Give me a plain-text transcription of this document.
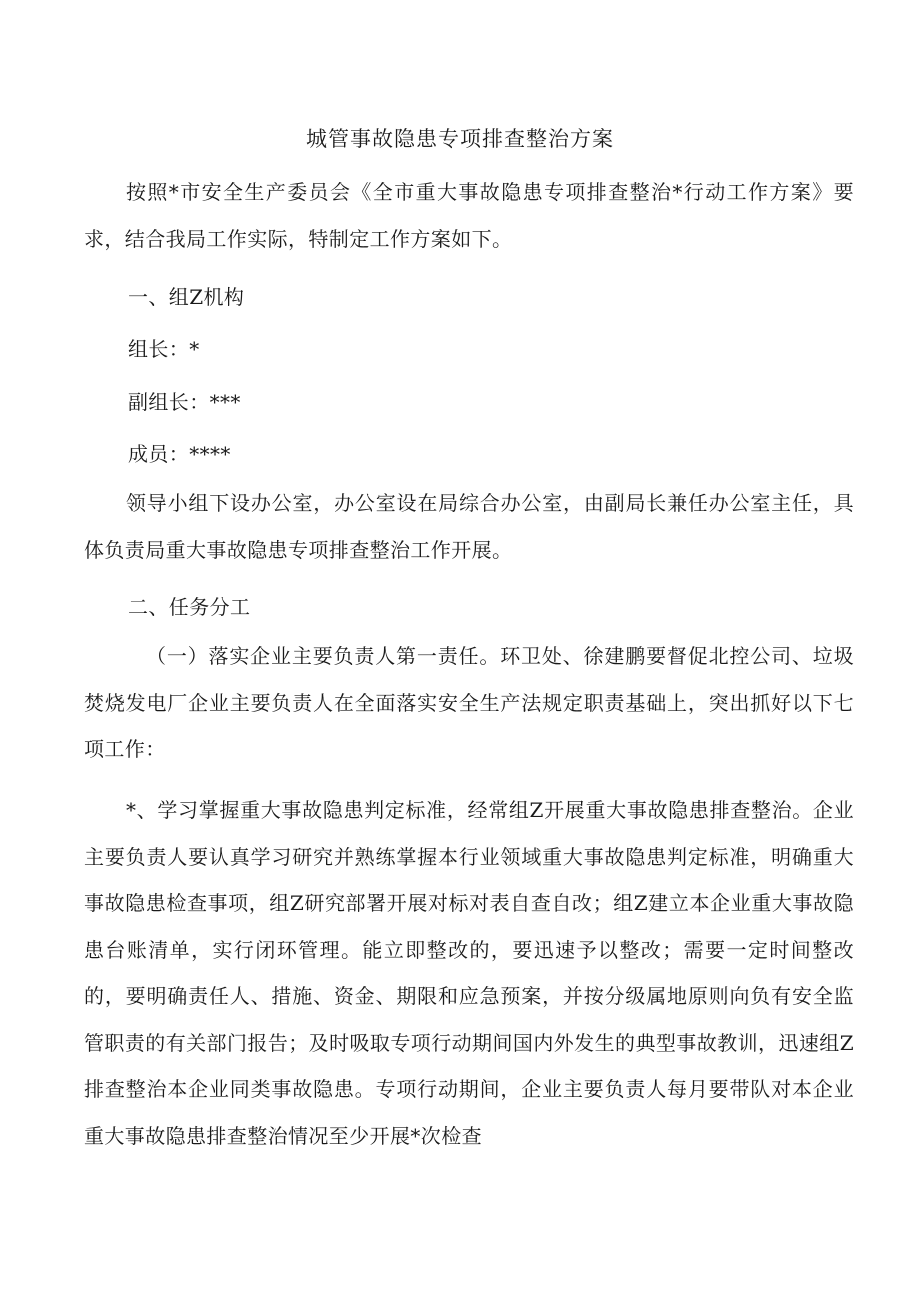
城管事故隐患专项排查整治方案
按照*市安全生产委员会《全市重大事故隐患专项排查整治*行动工作方案》要求，结合我局工作实际，特制定工作方案如下。
一、组Z机构
组长：*
副组长：***
成员：****
领导小组下设办公室，办公室设在局综合办公室，由副局长兼任办公室主任，具体负责局重大事故隐患专项排查整治工作开展。
二、任务分工
（一）落实企业主要负责人第一责任。环卫处、徐建鹏要督促北控公司、垃圾焚烧发电厂企业主要负责人在全面落实安全生产法规定职责基础上，突出抓好以下七项工作：
*、学习掌握重大事故隐患判定标准，经常组Z开展重大事故隐患排查整治。企业主要负责人要认真学习研究并熟练掌握本行业领域重大事故隐患判定标准，明确重大事故隐患检查事项，组Z研究部署开展对标对表自查自改；组Z建立本企业重大事故隐患台账清单，实行闭环管理。能立即整改的，要迅速予以整改；需要一定时间整改的，要明确责任人、措施、资金、期限和应急预案，并按分级属地原则向负有安全监管职责的有关部门报告；及时吸取专项行动期间国内外发生的典型事故教训，迅速组Z排查整治本企业同类事故隐患。专项行动期间，企业主要负责人每月要带队对本企业重大事故隐患排查整治情况至少开展*次检查
